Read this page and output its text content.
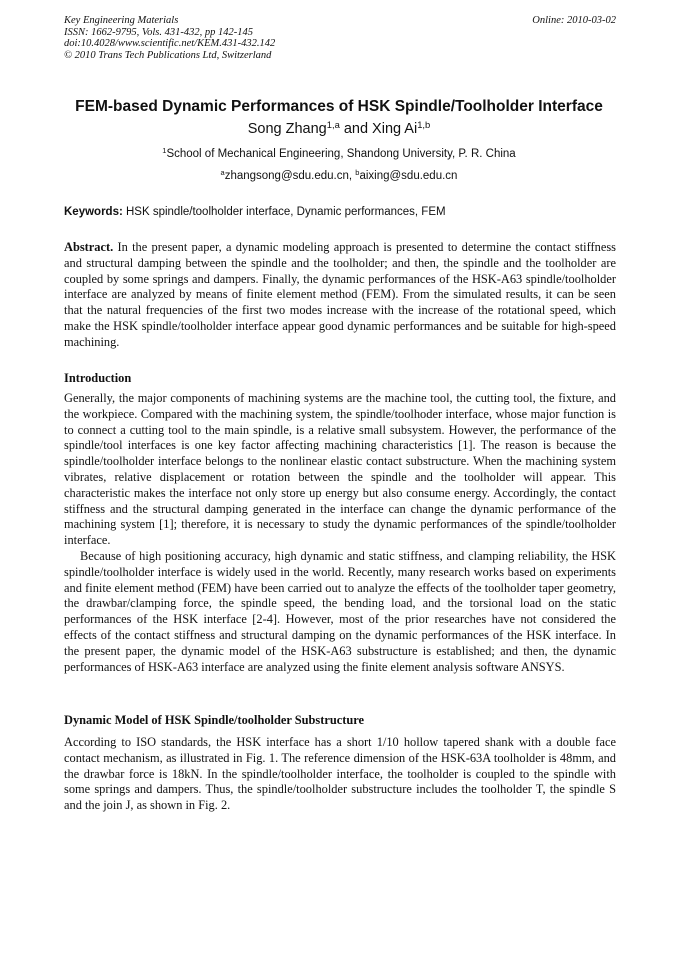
Key Engineering Materials
ISSN: 1662-9795, Vols. 431-432, pp 142-145
doi:10.4028/www.scientific.net/KEM.431-432.142
© 2010 Trans Tech Publications Ltd, Switzerland
Online: 2010-03-02
FEM-based Dynamic Performances of HSK Spindle/Toolholder Interface
Song Zhang$^{1,a}$ and Xing Ai$^{1,b}$
$^1$School of Mechanical Engineering, Shandong University, P. R. China
$^a$zhangsong@sdu.edu.cn, $^b$aixing@sdu.edu.cn
Keywords: HSK spindle/toolholder interface, Dynamic performances, FEM
Abstract. In the present paper, a dynamic modeling approach is presented to determine the contact stiffness and structural damping between the spindle and the toolholder; and then, the spindle and the toolholder are coupled by some springs and dampers. Finally, the dynamic performances of the HSK-A63 spindle/toolholder interface are analyzed by means of finite element method (FEM). From the simulated results, it can be seen that the natural frequencies of the first two modes increase with the increase of the rotational speed, which make the HSK spindle/toolholder interface appear good dynamic performances and be suitable for high-speed machining.
Introduction

Generally, the major components of machining systems are the machine tool, the cutting tool, the fixture, and the workpiece. Compared with the machining system, the spindle/toolhoder interface, whose major function is to connect a cutting tool to the main spindle, is a relative small subsystem. However, the performance of the spindle/tool interfaces is one key factor affecting machining characteristics [1]. The reason is because the spindle/toolholder interface belongs to the nonlinear elastic contact substructure. When the machining system vibrates, relative displacement or rotation between the spindle and the toolholder will appear. This characteristic makes the interface not only store up energy but also consume energy. Accordingly, the contact stiffness and the structural damping generated in the interface can change the dynamic performance of the machining system [1]; therefore, it is necessary to study the dynamic performances of the spindle/toolholder interface.

Because of high positioning accuracy, high dynamic and static stiffness, and clamping reliability, the HSK spindle/toolholder interface is widely used in the world. Recently, many research works based on experiments and finite element method (FEM) have been carried out to analyze the effects of the toolholder taper geometry, the drawbar/clamping force, the spindle speed, the bending load, and the torsional load on the static performances of the HSK interface [2-4]. However, most of the prior researches have not considered the effects of the contact stiffness and structural damping on the dynamic performances of the HSK interface. In the present paper, the dynamic model of the HSK-A63 substructure is established; and then, the dynamic performances of HSK-A63 interface are analyzed using the finite element analysis software ANSYS.

Dynamic Model of HSK Spindle/toolholder Substructure
According to ISO standards, the HSK interface has a short 1/10 hollow tapered shank with a double face contact mechanism, as illustrated in Fig. 1. The reference dimension of the HSK-63A toolholder is 48mm, and the drawbar force is 18kN. In the spindle/toolholder interface, the toolholder is coupled to the spindle with some springs and dampers. Thus, the spindle/toolholder substructure includes the toolholder T, the spindle S and the join J, as shown in Fig. 2.
